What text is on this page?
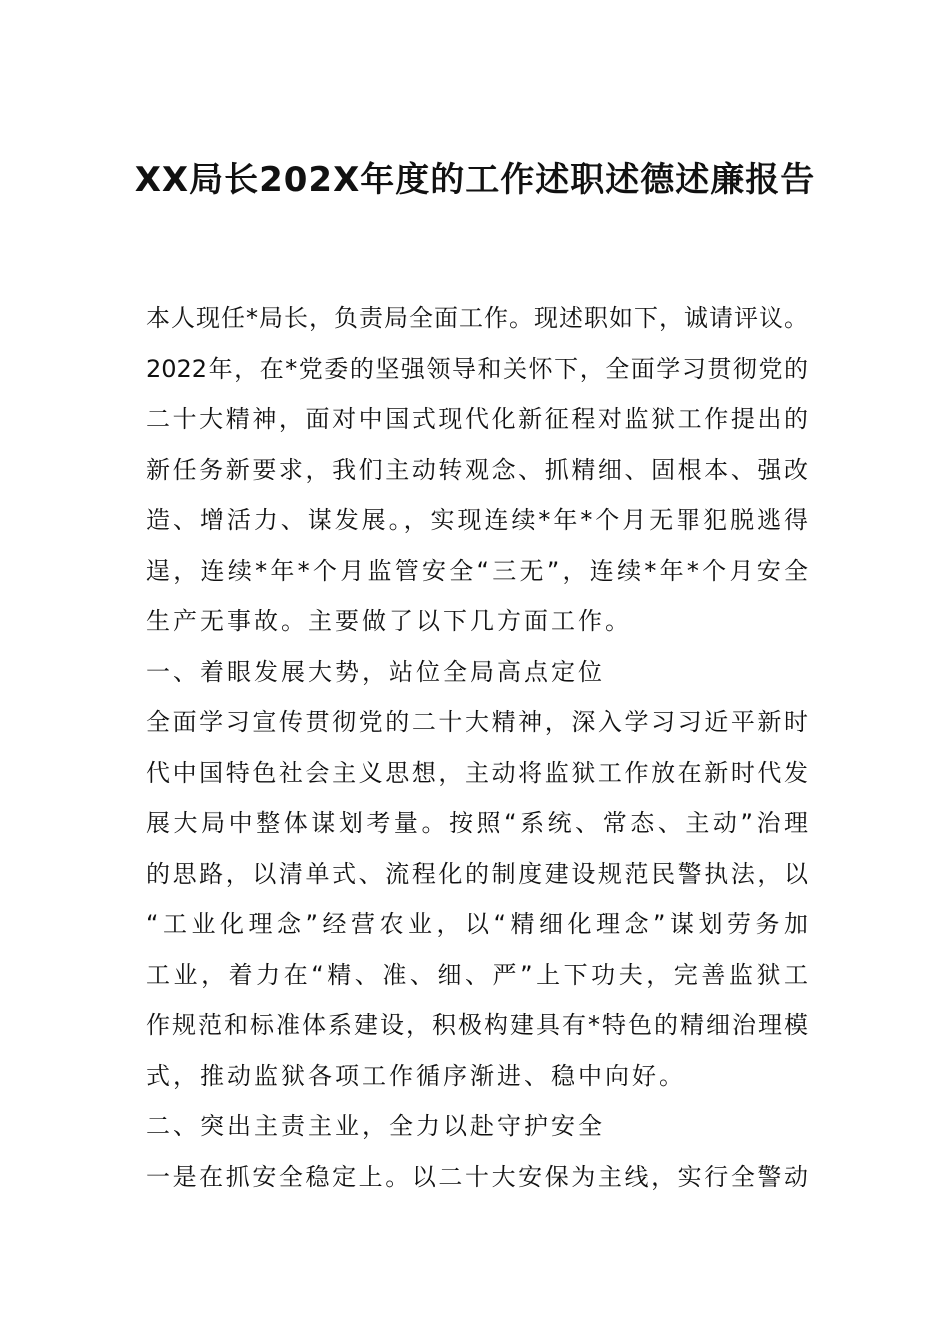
XX局长202X年度的工作述职述德述廉报告
本人现任*局长，负责局全面工作。现述职如下，诚请评议。
2022年，在*党委的坚强领导和关怀下，全面学习贯彻党的
二十大精神，面对中国式现代化新征程对监狱工作提出的
新任务新要求，我们主动转观念、抓精细、固根本、强改
造、增活力、谋发展。，实现连续*年*个月无罪犯脱逃得
逞，连续*年*个月监管安全“三无”，连续*年*个月安全
生产无事故。主要做了以下几方面工作。
一、着眼发展大势，站位全局高点定位
全面学习宣传贯彻党的二十大精神，深入学习习近平新时
代中国特色社会主义思想，主动将监狱工作放在新时代发
展大局中整体谋划考量。按照“系统、常态、主动”治理
的思路，以清单式、流程化的制度建设规范民警执法，以
“工业化理念”经营农业，以“精细化理念”谋划劳务加
工业，着力在“精、准、细、严”上下功夫，完善监狱工
作规范和标准体系建设，积极构建具有*特色的精细治理模
式，推动监狱各项工作循序渐进、稳中向好。
二、突出主责主业，全力以赴守护安全
一是在抓安全稳定上。以二十大安保为主线，实行全警动
